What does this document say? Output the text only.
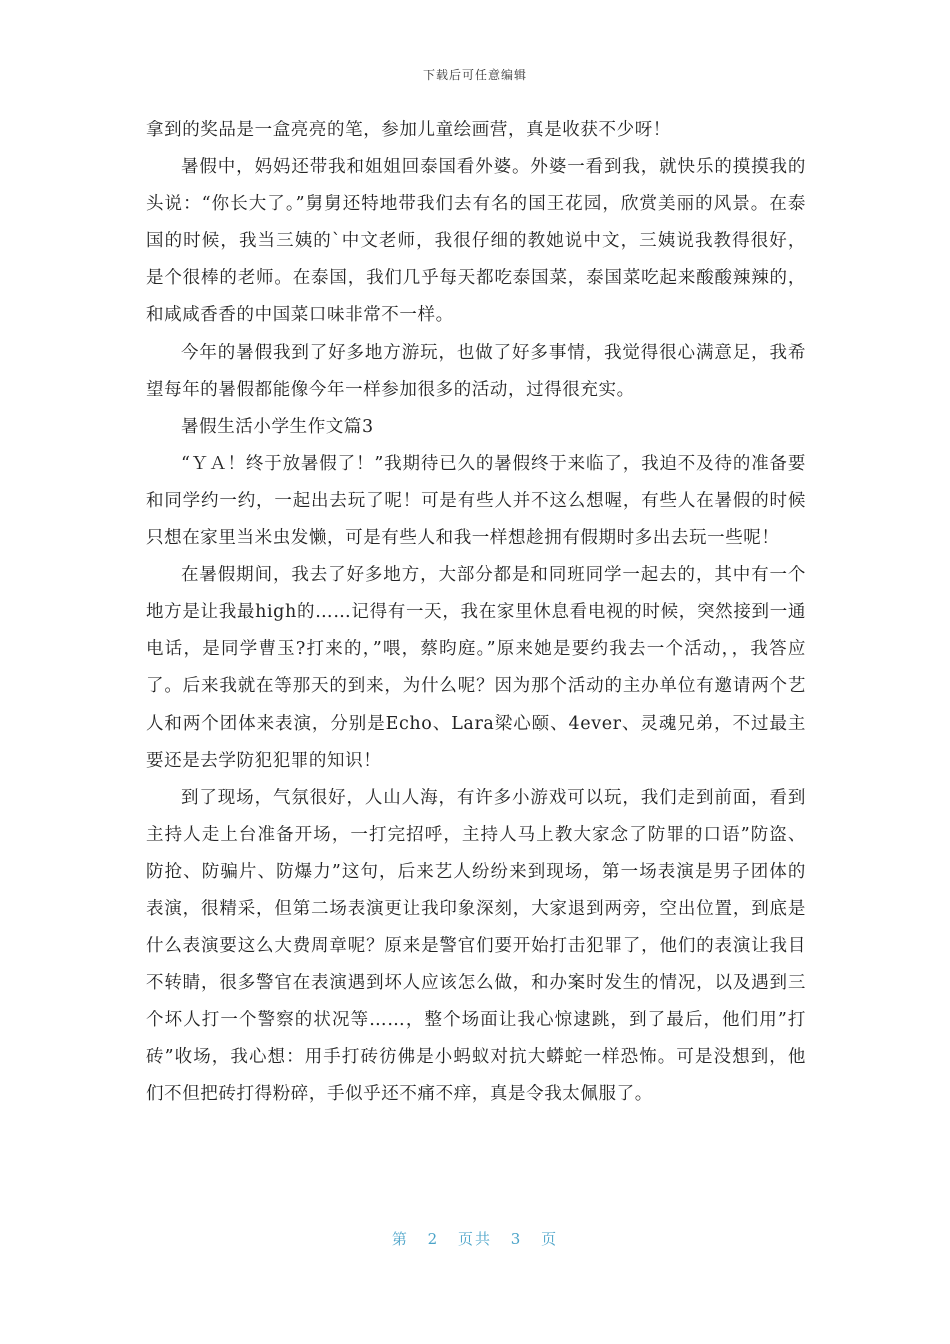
下载后可任意编辑

拿到的奖品是一盒亮亮的笔，参加儿童绘画营，真是收获不少呀！

暑假中，妈妈还带我和姐姐回泰国看外婆。外婆一看到我，就快乐的摸摸我的头说：“你长大了。”舅舅还特地带我们去有名的国王花园，欣赏美丽的风景。在泰国的时候，我当三姨的`中文老师，我很仔细的教她说中文，三姨说我教得很好，是个很棒的老师。在泰国，我们几乎每天都吃泰国菜，泰国菜吃起来酸酸辣辣的，和咸咸香香的中国菜口味非常不一样。

今年的暑假我到了好多地方游玩，也做了好多事情，我觉得很心满意足，我希望每年的暑假都能像今年一样参加很多的活动，过得很充实。

暑假生活小学生作文篇3

“ＹＡ！终于放暑假了！”我期待已久的暑假终于来临了，我迫不及待的准备要和同学约一约，一起出去玩了呢！可是有些人并不这么想喔，有些人在暑假的时候只想在家里当米虫发懒，可是有些人和我一样想趁拥有假期时多出去玩一些呢！

在暑假期间，我去了好多地方，大部分都是和同班同学一起去的，其中有一个地方是让我最high的……记得有一天，我在家里休息看电视的时候，突然接到一通电话，是同学曹玉?打来的，”喂，蔡昀庭。”原来她是要约我去一个活动，，我答应了。后来我就在等那天的到来，为什么呢？因为那个活动的主办单位有邀请两个艺人和两个团体来表演，分别是Echo、Lara梁心颐、4ever、灵魂兄弟，不过最主要还是去学防犯犯罪的知识！

到了现场，气氛很好，人山人海，有许多小游戏可以玩，我们走到前面，看到主持人走上台准备开场，一打完招呼，主持人马上教大家念了防罪的口语”防盗、防抢、防骗片、防爆力”这句，后来艺人纷纷来到现场，第一场表演是男子团体的表演，很精采，但第二场表演更让我印象深刻，大家退到两旁，空出位置，到底是什么表演要这么大费周章呢？原来是警官们要开始打击犯罪了，他们的表演让我目不转睛，很多警官在表演遇到坏人应该怎么做，和办案时发生的情况，以及遇到三个坏人打一个警察的状况等……，整个场面让我心惊逮跳，到了最后，他们用”打砖”收场，我心想：用手打砖彷佛是小蚂蚁对抗大蟒蛇一样恐怖。可是没想到，他们不但把砖打得粉碎，手似乎还不痛不痒，真是令我太佩服了。

第 2 页共 3 页
